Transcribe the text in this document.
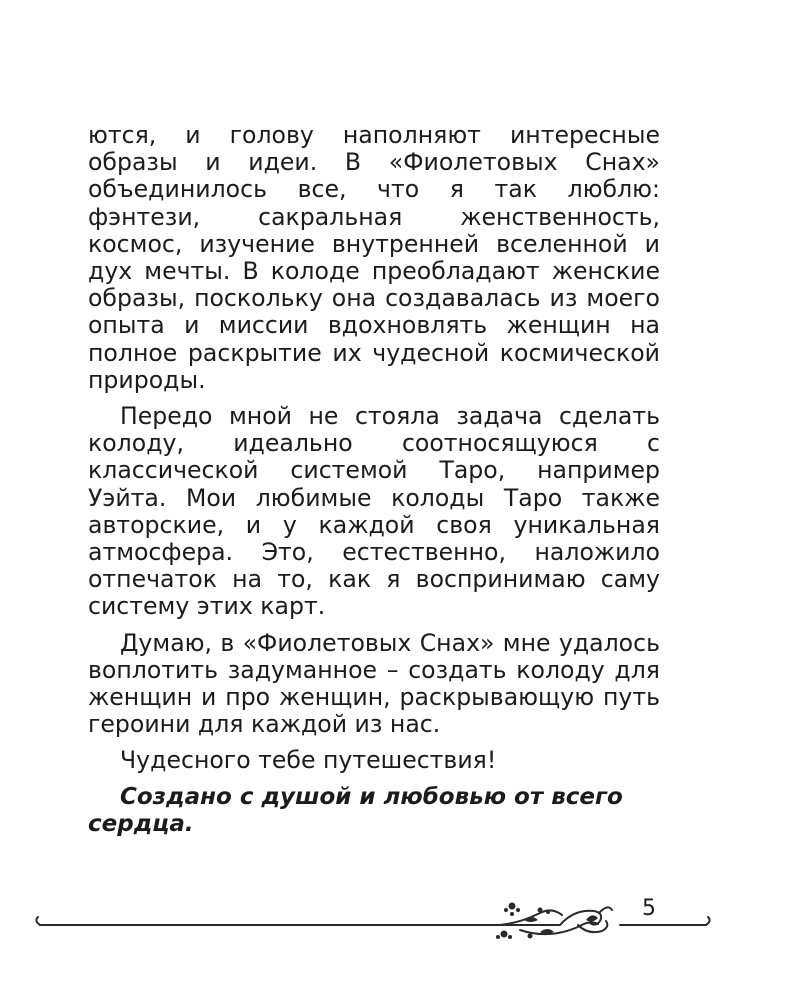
ются, и голову наполняют интересные образы и идеи. В «Фиолетовых Снах» объединилось все, что я так люблю: фэнтези, сакральная женственность, космос, изучение внутренней вселенной и дух мечты. В колоде преобладают женские образы, поскольку она создавалась из моего опыта и миссии вдохновлять женщин на полное раскрытие их чудесной космической природы.

Передо мной не стояла задача сделать колоду, идеально соотносящуюся с классической системой Таро, например Уэйта. Мои любимые колоды Таро также авторские, и у каждой своя уникальная атмосфера. Это, естественно, наложило отпечаток на то, как я воспринимаю саму систему этих карт.

Думаю, в «Фиолетовых Снах» мне удалось воплотить задуманное – создать колоду для женщин и про женщин, раскрывающую путь героини для каждой из нас.

Чудесного тебе путешествия!

Создано с душой и любовью от всего сердца.

5
